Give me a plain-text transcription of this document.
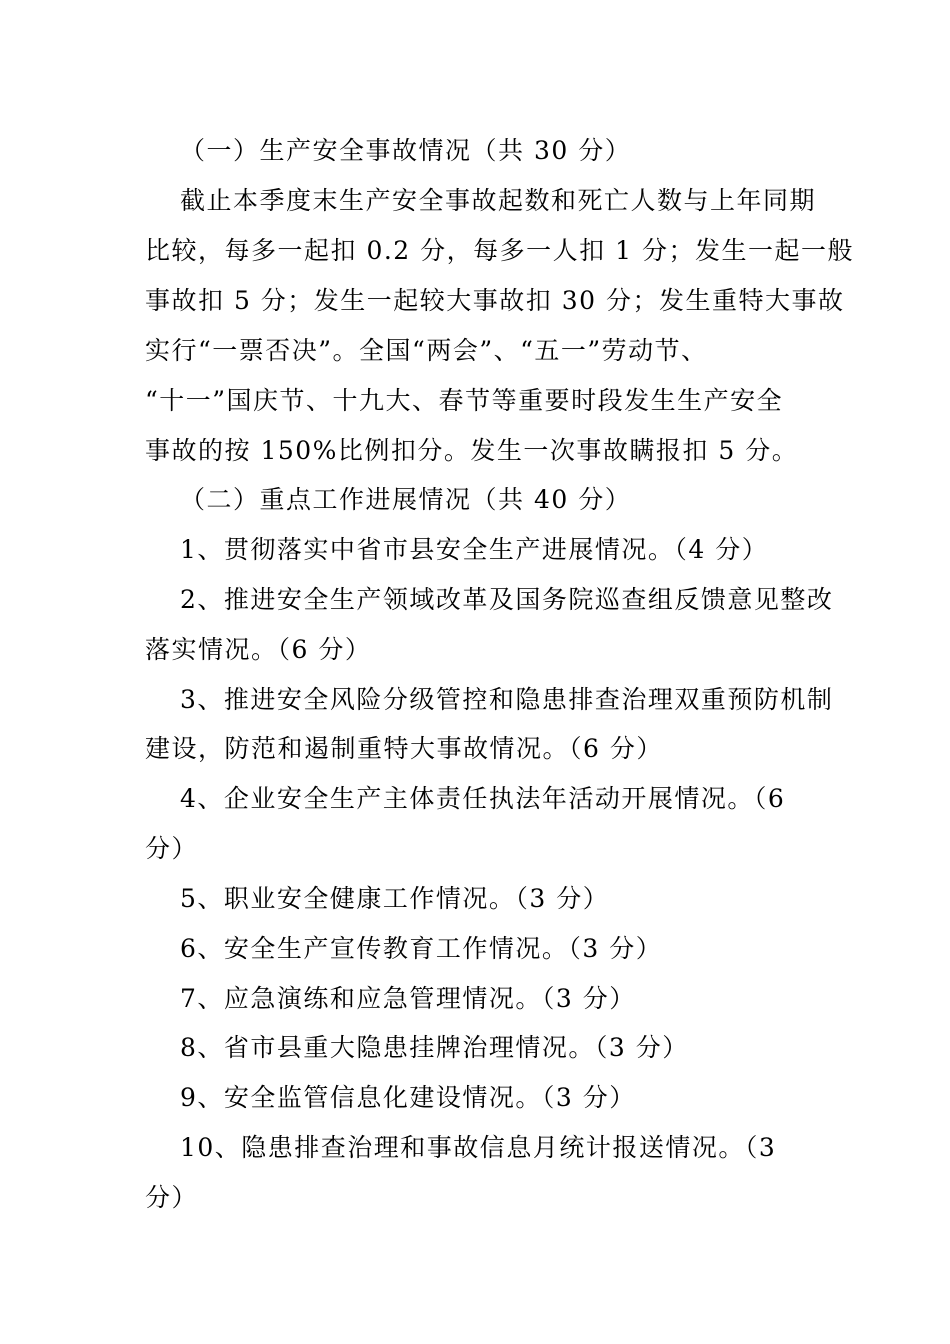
（一）生产安全事故情况（共 30 分）
截止本季度末生产安全事故起数和死亡人数与上年同期
比较，每多一起扣 0.2 分，每多一人扣 1 分；发生一起一般
事故扣 5 分；发生一起较大事故扣 30 分；发生重特大事故
实行“一票否决”。全国“两会”、“五一”劳动节、
“十一”国庆节、十九大、春节等重要时段发生生产安全
事故的按 150%比例扣分。发生一次事故瞒报扣 5 分。
（二）重点工作进展情况（共 40 分）
1、贯彻落实中省市县安全生产进展情况。（4 分）
2、推进安全生产领域改革及国务院巡查组反馈意见整改
落实情况。（6 分）
3、推进安全风险分级管控和隐患排查治理双重预防机制
建设，防范和遏制重特大事故情况。（6 分）
4、企业安全生产主体责任执法年活动开展情况。（6
分）
5、职业安全健康工作情况。（3 分）
6、安全生产宣传教育工作情况。（3 分）
7、应急演练和应急管理情况。（3 分）
8、省市县重大隐患挂牌治理情况。（3 分）
9、安全监管信息化建设情况。（3 分）
10、隐患排查治理和事故信息月统计报送情况。（3
分）
